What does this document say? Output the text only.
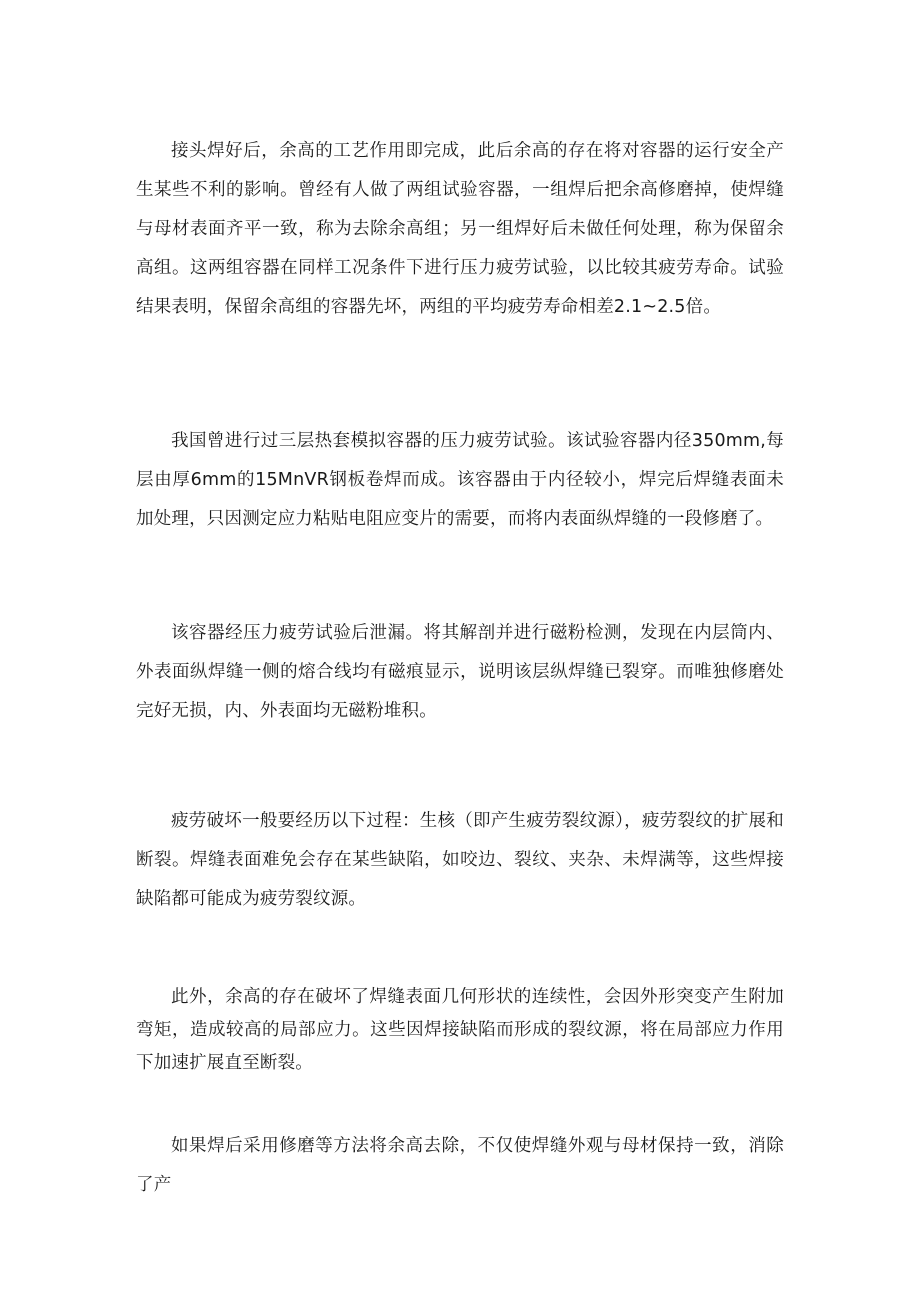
接头焊好后，余高的工艺作用即完成，此后余高的存在将对容器的运行安全产生某些不利的影响。曾经有人做了两组试验容器，一组焊后把余高修磨掉，使焊缝与母材表面齐平一致，称为去除余高组；另一组焊好后未做任何处理，称为保留余高组。这两组容器在同样工况条件下进行压力疲劳试验，以比较其疲劳寿命。试验结果表明，保留余高组的容器先坏，两组的平均疲劳寿命相差2.1~2.5倍。

我国曾进行过三层热套模拟容器的压力疲劳试验。该试验容器内径350mm,每层由厚6mm的15MnVR钢板卷焊而成。该容器由于内径较小，焊完后焊缝表面未加处理，只因测定应力粘贴电阻应变片的需要，而将内表面纵焊缝的一段修磨了。

该容器经压力疲劳试验后泄漏。将其解剖并进行磁粉检测，发现在内层筒内、外表面纵焊缝一侧的熔合线均有磁痕显示，说明该层纵焊缝已裂穿。而唯独修磨处完好无损，内、外表面均无磁粉堆积。

疲劳破坏一般要经历以下过程：生核（即产生疲劳裂纹源），疲劳裂纹的扩展和断裂。焊缝表面难免会存在某些缺陷，如咬边、裂纹、夹杂、未焊满等，这些焊接缺陷都可能成为疲劳裂纹源。

此外，余高的存在破坏了焊缝表面几何形状的连续性，会因外形突变产生附加弯矩，造成较高的局部应力。这些因焊接缺陷而形成的裂纹源，将在局部应力作用下加速扩展直至断裂。

如果焊后采用修磨等方法将余高去除，不仅使焊缝外观与母材保持一致，消除了产
